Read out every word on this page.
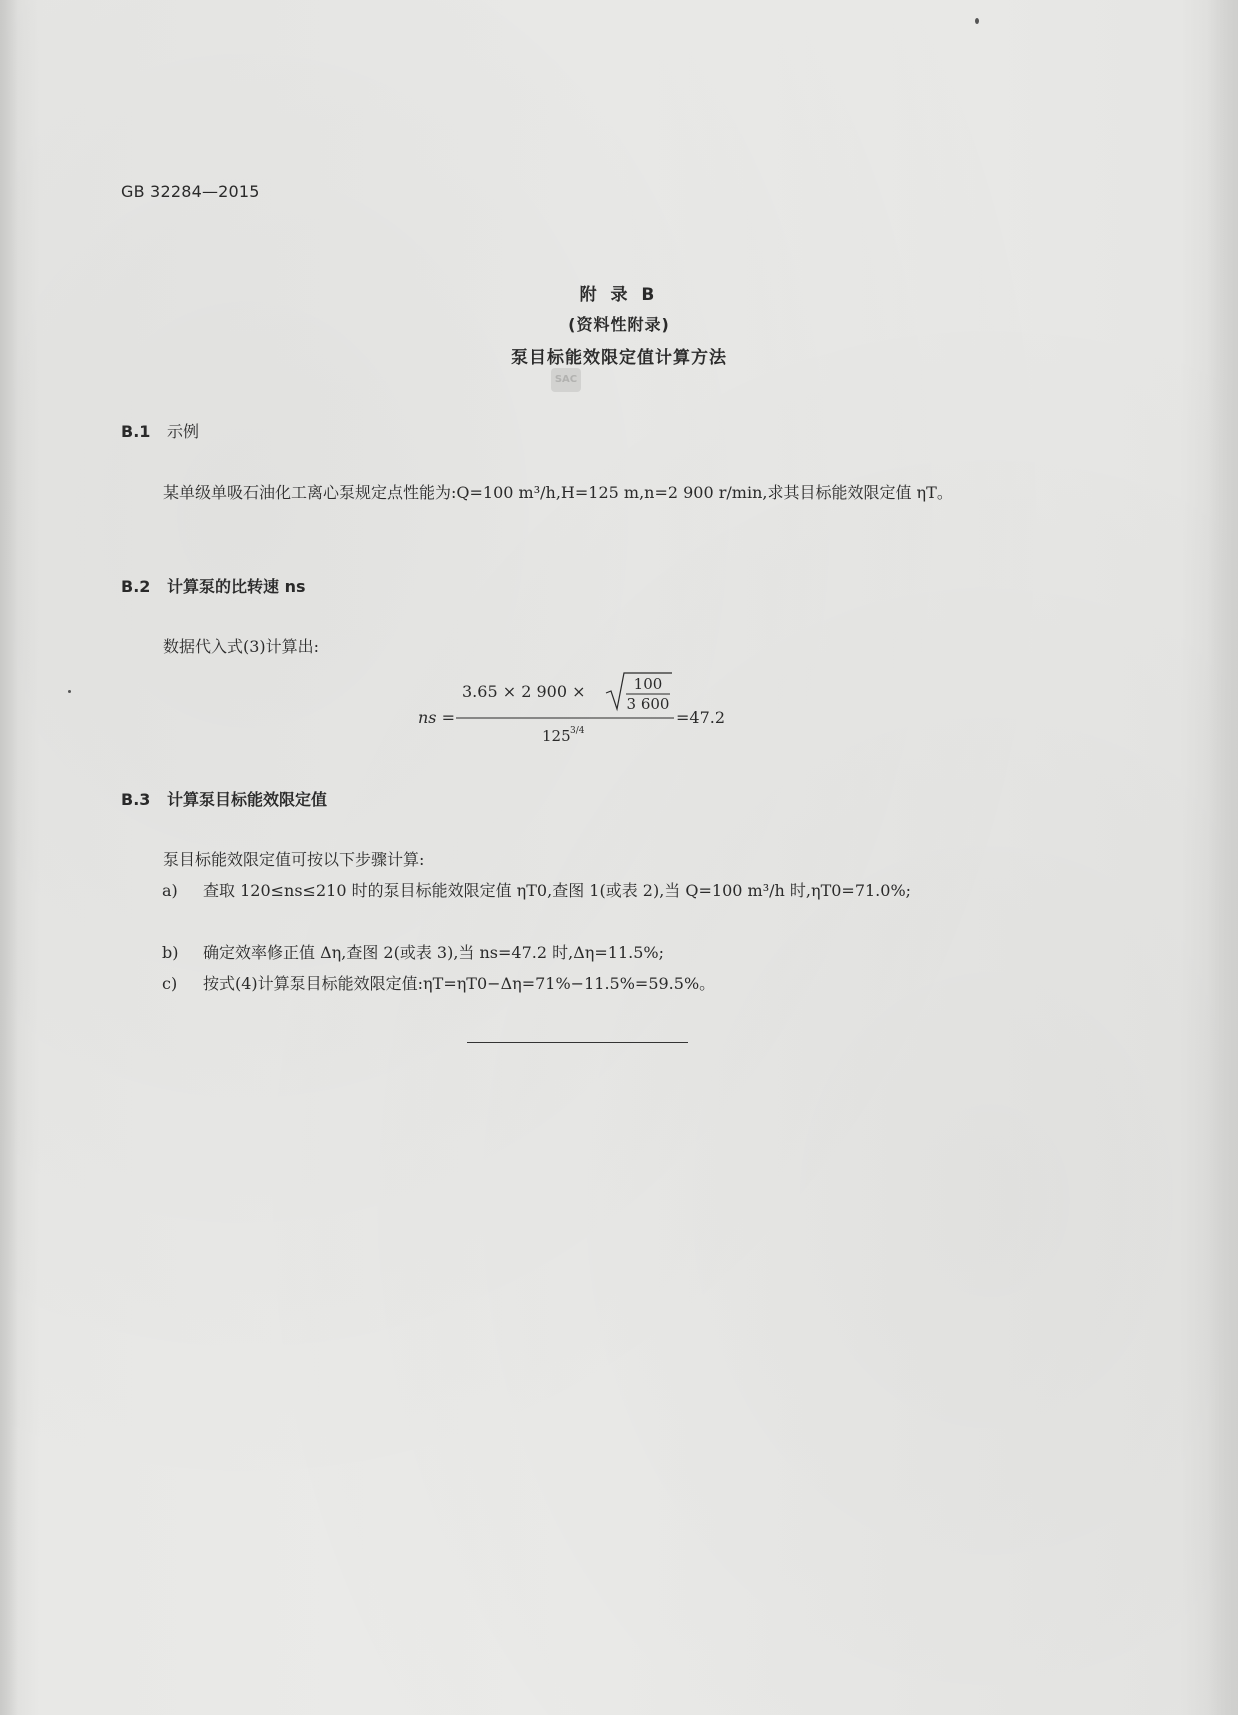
GB 32284—2015
附 录 B
(资料性附录)
泵目标能效限定值计算方法
SAC
B.1 示例
某单级单吸石油化工离心泵规定点性能为:Q=100 m³/h,H=125 m,n=2 900 r/min,求其目标能效限定值 ηT。
B.2 计算泵的比转速 ns
数据代入式(3)计算出:
ns =
3.65 × 2 900 ×	100
3 600
125 3/4
=47.2
B.3 计算泵目标能效限定值
泵目标能效限定值可按以下步骤计算:
a)	查取 120≤ns≤210 时的泵目标能效限定值 ηT0,查图 1(或表 2),当 Q=100 m³/h 时,ηT0=71.0%;
b)	确定效率修正值 Δη,查图 2(或表 3),当 ns=47.2 时,Δη=11.5%;
c)	按式(4)计算泵目标能效限定值:ηT=ηT0−Δη=71%−11.5%=59.5%。
